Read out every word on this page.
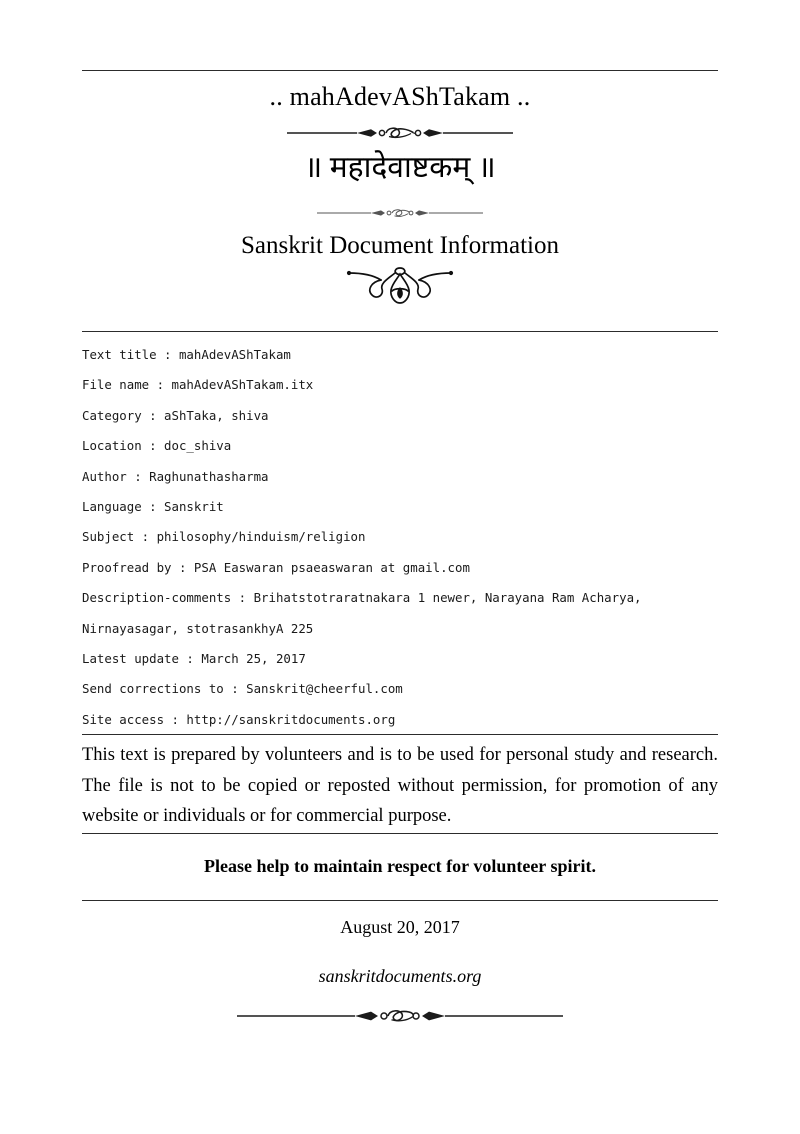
.. mahAdevAShTakam ..
॥ महादेवाष्टकम् ॥
Sanskrit Document Information
Text title : mahAdevAShTakam
File name : mahAdevAShTakam.itx
Category : aShTaka, shiva
Location : doc_shiva
Author : Raghunathasharma
Language : Sanskrit
Subject : philosophy/hinduism/religion
Proofread by : PSA Easwaran psaeaswaran at gmail.com
Description-comments : Brihatstotraratnakara 1 newer, Narayana Ram Acharya,
Nirnayasagar, stotrasankhyA 225
Latest update : March 25, 2017
Send corrections to : Sanskrit@cheerful.com
Site access : http://sanskritdocuments.org
This text is prepared by volunteers and is to be used for personal study and research. The file is not to be copied or reposted without permission, for promotion of any website or individuals or for commercial purpose.
Please help to maintain respect for volunteer spirit.
August 20, 2017
sanskritdocuments.org
